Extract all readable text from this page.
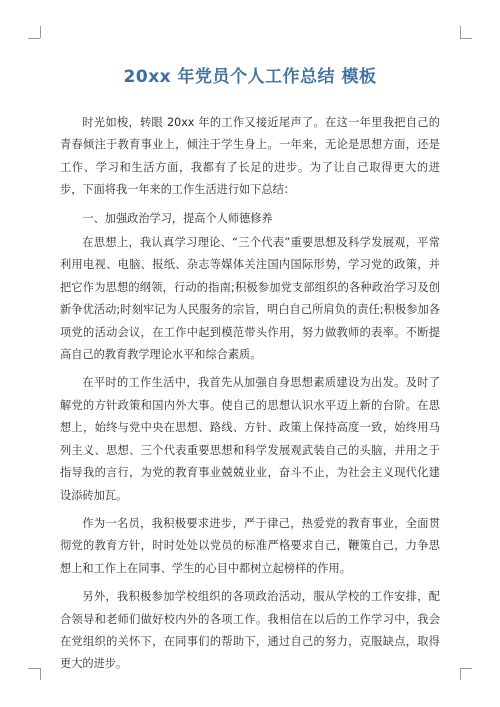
20xx 年党员个人工作总结 模板

时光如梭，转眼 20xx 年的工作又接近尾声了。在这一年里我把自己的青春倾注于教育事业上，倾注于学生身上。一年来，无论是思想方面，还是工作、学习和生活方面，我都有了长足的进步。为了让自己取得更大的进步，下面将我一年来的工作生活进行如下总结：

一、加强政治学习，提高个人师德修养

在思想上，我认真学习理论、“三个代表”重要思想及科学发展观，平常利用电视、电脑、报纸、杂志等媒体关注国内国际形势，学习党的政策，并把它作为思想的纲领，行动的指南;积极参加党支部组织的各种政治学习及创新争优活动;时刻牢记为人民服务的宗旨，明白自己所肩负的责任;积极参加各项党的活动会议，在工作中起到模范带头作用，努力做教师的表率。不断提高自己的教育教学理论水平和综合素质。

在平时的工作生活中，我首先从加强自身思想素质建设为出发。及时了解党的方针政策和国内外大事。使自己的思想认识水平迈上新的台阶。在思想上，始终与党中央在思想、路线、方针、政策上保持高度一致，始终用马列主义、思想、三个代表重要思想和科学发展观武装自己的头脑，并用之于指导我的言行，为党的教育事业兢兢业业，奋斗不止，为社会主义现代化建设添砖加瓦。

作为一名员，我积极要求进步，严于律己，热爱党的教育事业，全面贯彻党的教育方针，时时处处以党员的标准严格要求自己，鞭策自己，力争思想上和工作上在同事、学生的心目中都树立起榜样的作用。

另外，我积极参加学校组织的各项政治活动，服从学校的工作安排，配合领导和老师们做好校内外的各项工作。我相信在以后的工作学习中，我会在党组织的关怀下，在同事们的帮助下，通过自己的努力，克服缺点，取得更大的进步。
